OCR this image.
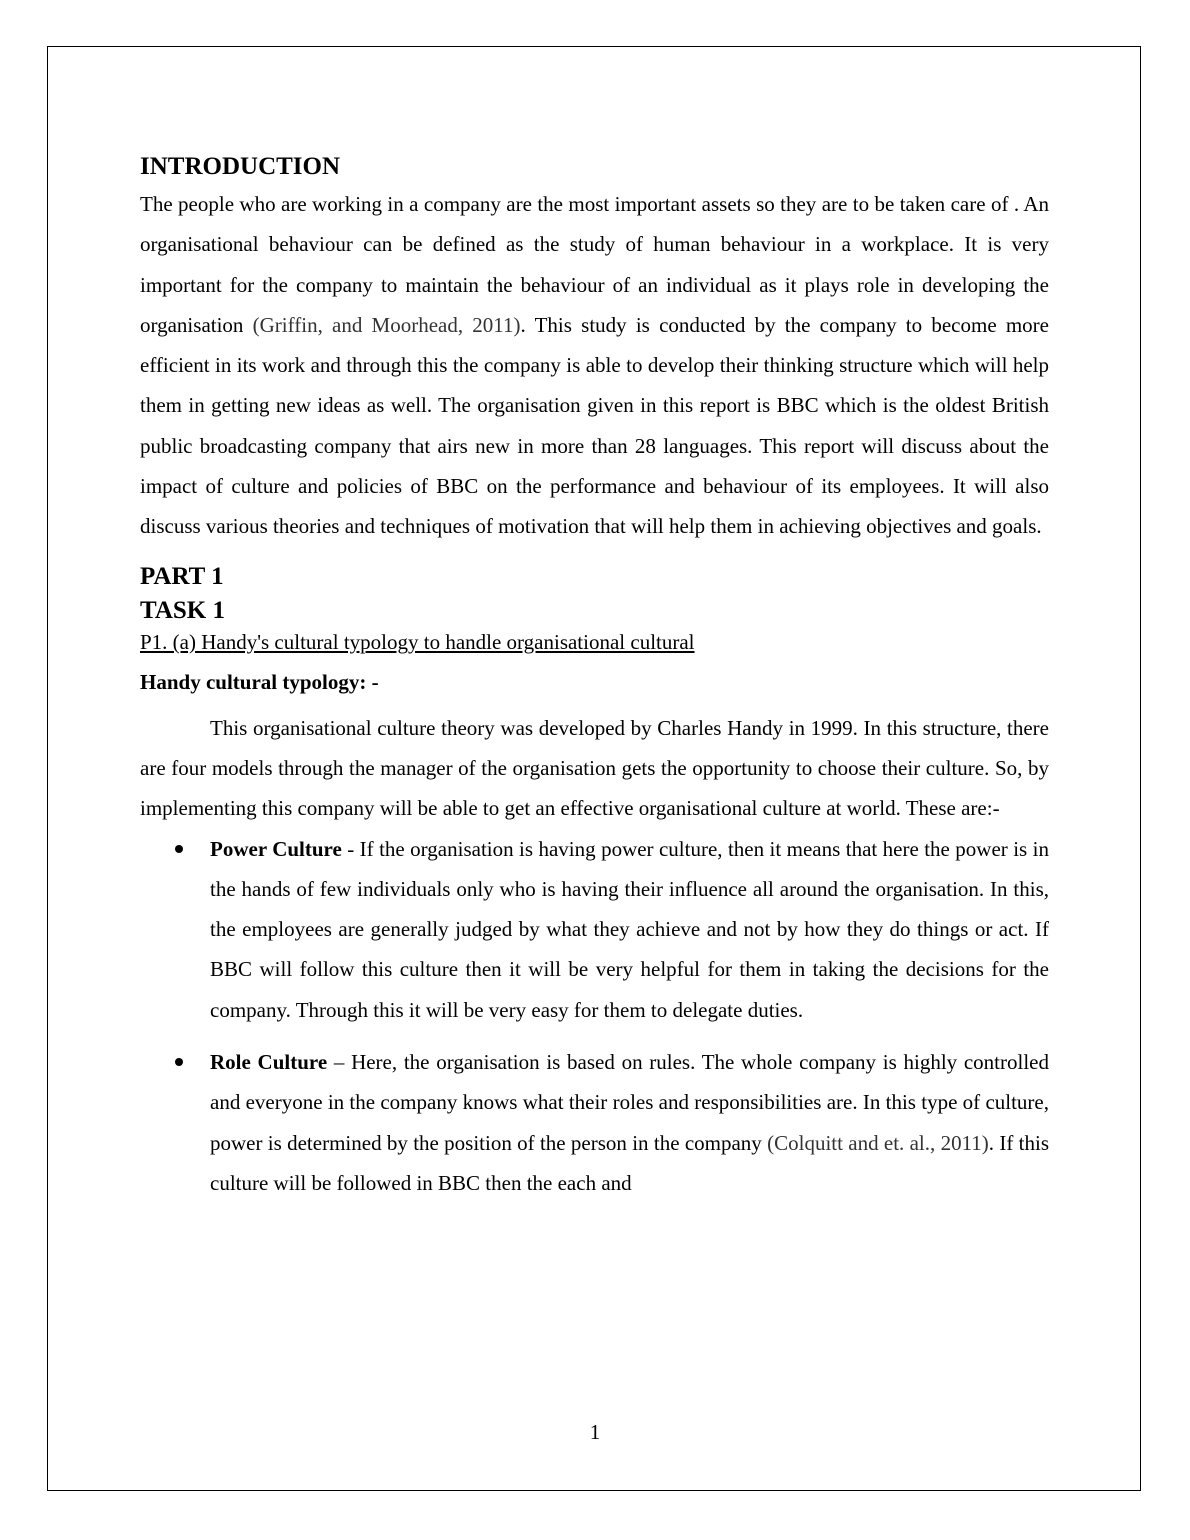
INTRODUCTION

The people who are working in a company are the most important assets so they are to be taken care of . An organisational behaviour can be defined as the study of human behaviour in a workplace. It is very important for the company to maintain the behaviour of an individual as it plays role in developing the organisation (Griffin, and Moorhead, 2011). This study is conducted by the company to become more efficient in its work and through this the company is able to develop their thinking structure which will help them in getting new ideas as well. The organisation given in this report is BBC which is the oldest British public broadcasting company that airs new in more than 28 languages. This report will discuss about the impact of culture and policies of BBC on the performance and behaviour of its employees. It will also discuss various theories and techniques of motivation that will help them in achieving objectives and goals.

PART 1
TASK 1

P1. (a) Handy's cultural typology to handle organisational cultural

Handy cultural typology: -

This organisational culture theory was developed by Charles Handy in 1999. In this structure, there are four models through the manager of the organisation gets the opportunity to choose their culture. So, by implementing this company will be able to get an effective organisational culture at world. These are:-

Power Culture - If the organisation is having power culture, then it means that here the power is in the hands of few individuals only who is having their influence all around the organisation. In this, the employees are generally judged by what they achieve and not by how they do things or act. If BBC will follow this culture then it will be very helpful for them in taking the decisions for the company. Through this it will be very easy for them to delegate duties.

Role Culture – Here, the organisation is based on rules. The whole company is highly controlled and everyone in the company knows what their roles and responsibilities are. In this type of culture, power is determined by the position of the person in the company (Colquitt and et. al., 2011). If this culture will be followed in BBC then the each and

1
